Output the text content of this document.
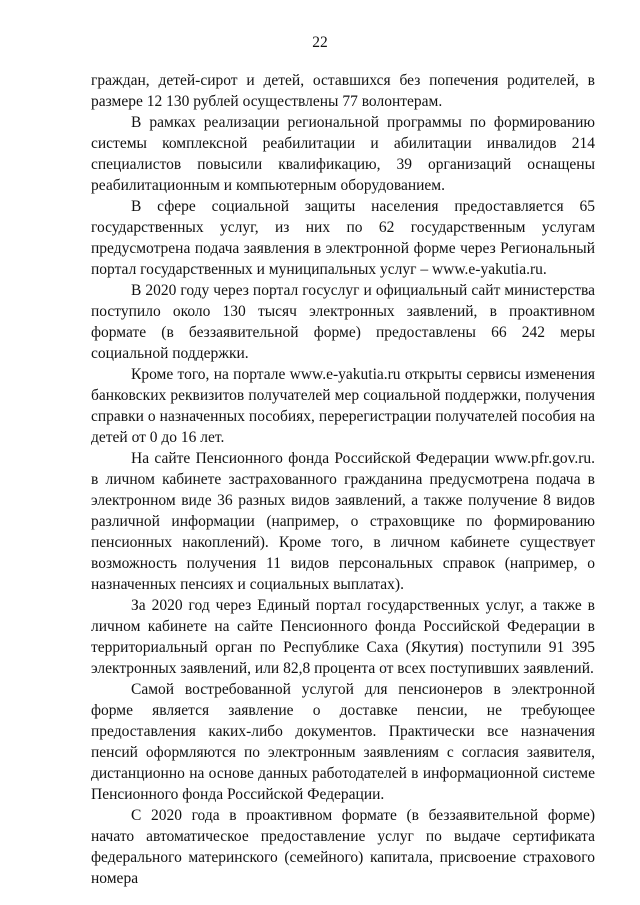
22

граждан, детей-сирот и детей, оставшихся без попечения родителей, в размере 12 130 рублей осуществлены 77 волонтерам.

В рамках реализации региональной программы по формированию системы комплексной реабилитации и абилитации инвалидов 214 специалистов повысили квалификацию, 39 организаций оснащены реабилитационным и компьютерным оборудованием.

В сфере социальной защиты населения предоставляется 65 государственных услуг, из них по 62 государственным услугам предусмотрена подача заявления в электронной форме через Региональный портал государственных и муниципальных услуг – www.e-yakutia.ru.

В 2020 году через портал госуслуг и официальный сайт министерства поступило около 130 тысяч электронных заявлений, в проактивном формате (в беззаявительной форме) предоставлены 66 242 меры социальной поддержки.

Кроме того, на портале www.e-yakutia.ru открыты сервисы изменения банковских реквизитов получателей мер социальной поддержки, получения справки о назначенных пособиях, перерегистрации получателей пособия на детей от 0 до 16 лет.

На сайте Пенсионного фонда Российской Федерации www.pfr.gov.ru. в личном кабинете застрахованного гражданина предусмотрена подача в электронном виде 36 разных видов заявлений, а также получение 8 видов различной информации (например, о страховщике по формированию пенсионных накоплений). Кроме того, в личном кабинете существует возможность получения 11 видов персональных справок (например, о назначенных пенсиях и социальных выплатах).

За 2020 год через Единый портал государственных услуг, а также в личном кабинете на сайте Пенсионного фонда Российской Федерации в территориальный орган по Республике Саха (Якутия) поступили 91 395 электронных заявлений, или 82,8 процента от всех поступивших заявлений.

Самой востребованной услугой для пенсионеров в электронной форме является заявление о доставке пенсии, не требующее предоставления каких-либо документов. Практически все назначения пенсий оформляются по электронным заявлениям с согласия заявителя, дистанционно на основе данных работодателей в информационной системе Пенсионного фонда Российской Федерации.

С 2020 года в проактивном формате (в беззаявительной форме) начато автоматическое предоставление услуг по выдаче сертификата федерального материнского (семейного) капитала, присвоение страхового номера
